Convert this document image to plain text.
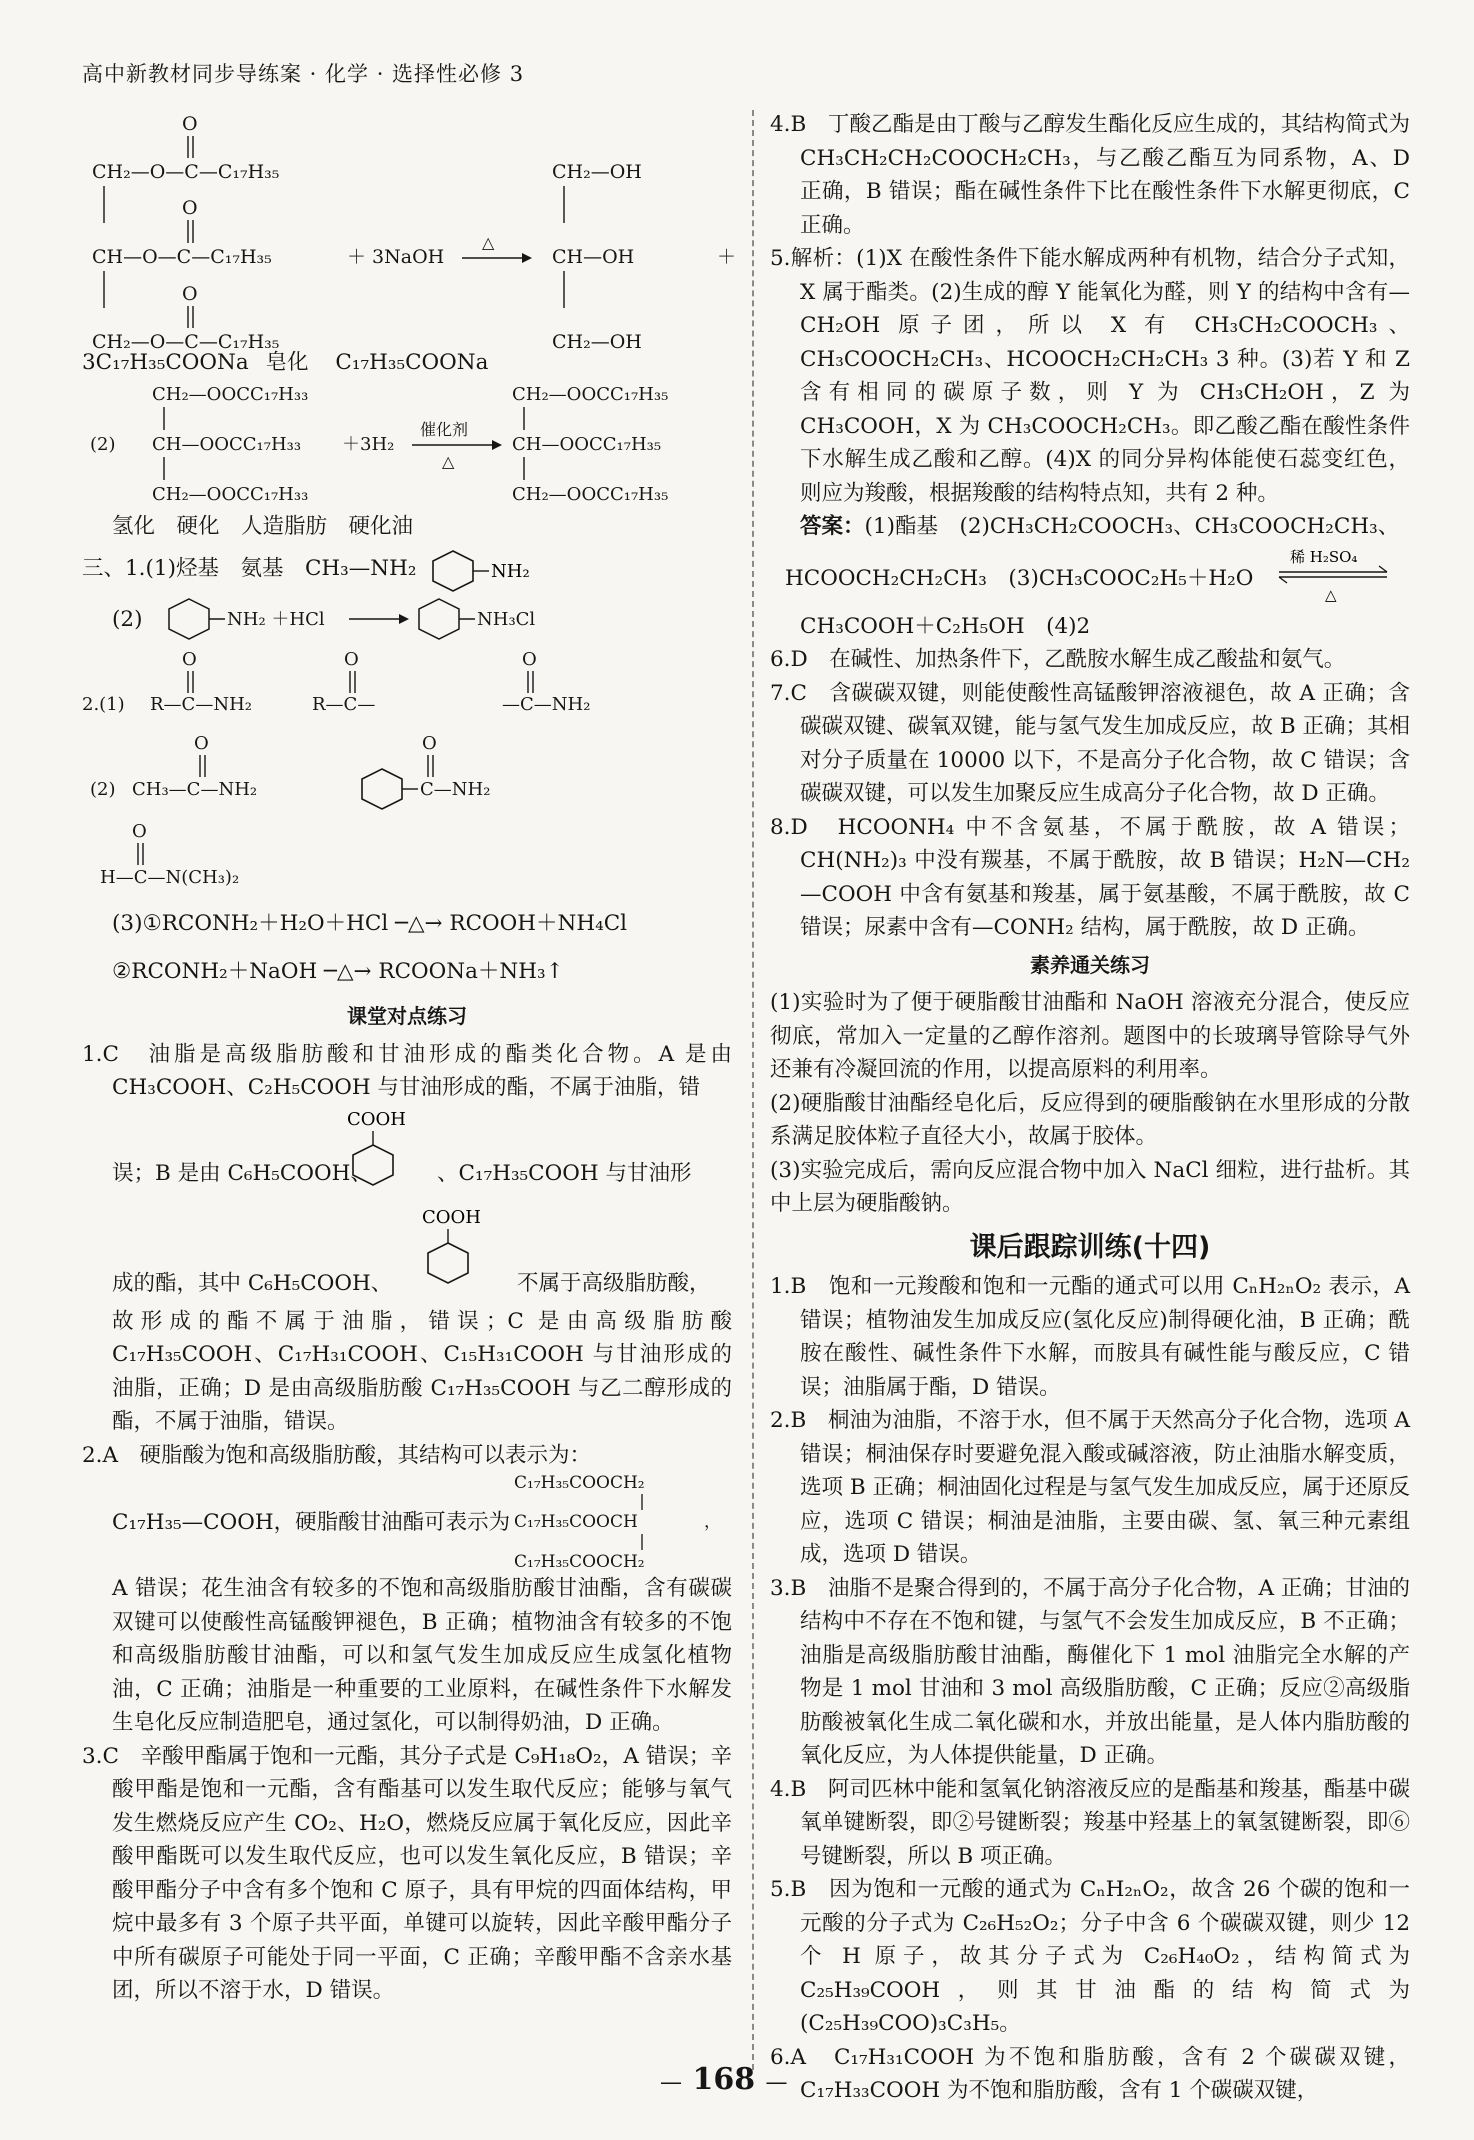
高中新教材同步导练案 · 化学 · 选择性必修 3
O
CH₂—O—C—C₁₇H₃₅
O
CH—O—C—C₁₇H₃₅
O
CH₂—O—C—C₁₇H₃₅
＋ 3NaOH
△
CH₂—OH
CH—OH
CH₂—OH
＋

3C₁₇H₃₅COONa 皂化 C₁₇H₃₅COONa

CH₂—OOCC₁₇H₃₃
(2) CH—OOCC₁₇H₃₃
CH₂—OOCC₁₇H₃₃
＋3H₂
催化剂
△
CH₂—OOCC₁₇H₃₅
CH—OOCC₁₇H₃₅
CH₂—OOCC₁₇H₃₅

氢化　硬化　人造脂肪　硬化油

三、1.(1)烃基　氨基　CH₃—NH₂	NH₂

(2)	NH₂ ＋HCl	NH₃Cl

2.(1) R—C—NH₂
O
R—C—
O
—C—NH₂
O
(2) CH₃—C—NH₂
O
C—NH₂
O
O
H—C—N(CH₃)₂

(3)①RCONH₂＋H₂O＋HCl ─△→ RCOOH＋NH₄Cl

②RCONH₂＋NaOH ─△→ RCOONa＋NH₃↑

课堂对点练习

1.C　油脂是高级脂肪酸和甘油形成的酯类化合物。A 是由 CH₃COOH、C₂H₅COOH 与甘油形成的酯，不属于油脂，错

COOH
误；B 是由 C₆H₅COOH、	、C₁₇H₃₅COOH 与甘油形
COOH
成的酯，其中 C₆H₅COOH、	不属于高级脂肪酸，

故形成的酯不属于油脂，错误；C 是由高级脂肪酸 C₁₇H₃₅COOH、C₁₇H₃₁COOH、C₁₅H₃₁COOH 与甘油形成的油脂，正确；D 是由高级脂肪酸 C₁₇H₃₅COOH 与乙二醇形成的酯，不属于油脂，错误。

2.A　硬脂酸为饱和高级脂肪酸，其结构可以表示为：

C₁₇H₃₅—COOH，硬脂酸甘油酯可表示为
C₁₇H₃₅COOCH₂
C₁₇H₃₅COOCH
C₁₇H₃₅COOCH₂
，

A 错误；花生油含有较多的不饱和高级脂肪酸甘油酯，含有碳碳双键可以使酸性高锰酸钾褪色，B 正确；植物油含有较多的不饱和高级脂肪酸甘油酯，可以和氢气发生加成反应生成氢化植物油，C 正确；油脂是一种重要的工业原料，在碱性条件下水解发生皂化反应制造肥皂，通过氢化，可以制得奶油，D 正确。

3.C　辛酸甲酯属于饱和一元酯，其分子式是 C₉H₁₈O₂，A 错误；辛酸甲酯是饱和一元酯，含有酯基可以发生取代反应；能够与氧气发生燃烧反应产生 CO₂、H₂O，燃烧反应属于氧化反应，因此辛酸甲酯既可以发生取代反应，也可以发生氧化反应，B 错误；辛酸甲酯分子中含有多个饱和 C 原子，具有甲烷的四面体结构，甲烷中最多有 3 个原子共平面，单键可以旋转，因此辛酸甲酯分子中所有碳原子可能处于同一平面，C 正确；辛酸甲酯不含亲水基团，所以不溶于水，D 错误。

4.B　丁酸乙酯是由丁酸与乙醇发生酯化反应生成的，其结构简式为 CH₃CH₂CH₂COOCH₂CH₃，与乙酸乙酯互为同系物，A、D 正确，B 错误；酯在碱性条件下比在酸性条件下水解更彻底，C 正确。

5.解析：(1)X 在酸性条件下能水解成两种有机物，结合分子式知，X 属于酯类。(2)生成的醇 Y 能氧化为醛，则 Y 的结构中含有—CH₂OH 原子团，所以 X 有 CH₃CH₂COOCH₃、CH₃COOCH₂CH₃、HCOOCH₂CH₂CH₃ 3 种。(3)若 Y 和 Z 含有相同的碳原子数，则 Y 为 CH₃CH₂OH，Z 为 CH₃COOH，X 为 CH₃COOCH₂CH₃。即乙酸乙酯在酸性条件下水解生成乙酸和乙醇。(4)X 的同分异构体能使石蕊变红色，则应为羧酸，根据羧酸的结构特点知，共有 2 种。

答案：(1)酯基　(2)CH₃CH₂COOCH₃、CH₃COOCH₂CH₃、

HCOOCH₂CH₂CH₃　(3)CH₃COOC₂H₅＋H₂O
稀 H₂SO₄
△

CH₃COOH＋C₂H₅OH　(4)2

6.D　在碱性、加热条件下，乙酰胺水解生成乙酸盐和氨气。

7.C　含碳碳双键，则能使酸性高锰酸钾溶液褪色，故 A 正确；含碳碳双键、碳氧双键，能与氢气发生加成反应，故 B 正确；其相对分子质量在 10000 以下，不是高分子化合物，故 C 错误；含碳碳双键，可以发生加聚反应生成高分子化合物，故 D 正确。

8.D　HCOONH₄ 中不含氨基，不属于酰胺，故 A 错误；CH(NH₂)₃ 中没有羰基，不属于酰胺，故 B 错误；H₂N—CH₂—COOH 中含有氨基和羧基，属于氨基酸，不属于酰胺，故 C 错误；尿素中含有—CONH₂ 结构，属于酰胺，故 D 正确。

素养通关练习

(1)实验时为了便于硬脂酸甘油酯和 NaOH 溶液充分混合，使反应彻底，常加入一定量的乙醇作溶剂。题图中的长玻璃导管除导气外还兼有冷凝回流的作用，以提高原料的利用率。

(2)硬脂酸甘油酯经皂化后，反应得到的硬脂酸钠在水里形成的分散系满足胶体粒子直径大小，故属于胶体。

(3)实验完成后，需向反应混合物中加入 NaCl 细粒，进行盐析。其中上层为硬脂酸钠。

课后跟踪训练(十四)

1.B　饱和一元羧酸和饱和一元酯的通式可以用 CₙH₂ₙO₂ 表示，A 错误；植物油发生加成反应(氢化反应)制得硬化油，B 正确；酰胺在酸性、碱性条件下水解，而胺具有碱性能与酸反应，C 错误；油脂属于酯，D 错误。

2.B　桐油为油脂，不溶于水，但不属于天然高分子化合物，选项 A 错误；桐油保存时要避免混入酸或碱溶液，防止油脂水解变质，选项 B 正确；桐油固化过程是与氢气发生加成反应，属于还原反应，选项 C 错误；桐油是油脂，主要由碳、氢、氧三种元素组成，选项 D 错误。

3.B　油脂不是聚合得到的，不属于高分子化合物，A 正确；甘油的结构中不存在不饱和键，与氢气不会发生加成反应，B 不正确；油脂是高级脂肪酸甘油酯，酶催化下 1 mol 油脂完全水解的产物是 1 mol 甘油和 3 mol 高级脂肪酸，C 正确；反应②高级脂肪酸被氧化生成二氧化碳和水，并放出能量，是人体内脂肪酸的氧化反应，为人体提供能量，D 正确。

4.B　阿司匹林中能和氢氧化钠溶液反应的是酯基和羧基，酯基中碳氧单键断裂，即②号键断裂；羧基中羟基上的氧氢键断裂，即⑥号键断裂，所以 B 项正确。

5.B　因为饱和一元酸的通式为 CₙH₂ₙO₂，故含 26 个碳的饱和一元酸的分子式为 C₂₆H₅₂O₂；分子中含 6 个碳碳双键，则少 12 个 H 原子，故其分子式为 C₂₆H₄₀O₂，结构简式为 C₂₅H₃₉COOH，则其甘油酯的结构简式为(C₂₅H₃₉COO)₃C₃H₅。

6.A　C₁₇H₃₁COOH 为不饱和脂肪酸，含有 2 个碳碳双键，C₁₇H₃₃COOH 为不饱和脂肪酸，含有 1 个碳碳双键，

— 168 —
